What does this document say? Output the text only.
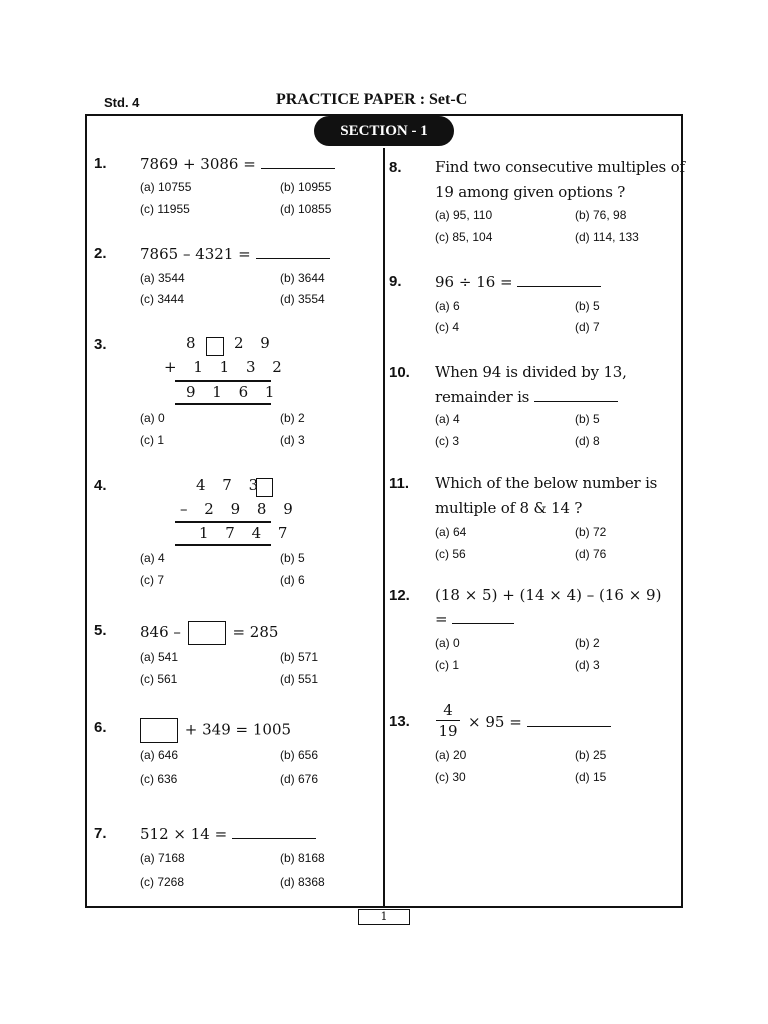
Std. 4	PRACTICE PAPER : Set-C
SECTION - 1
1. 7869 + 3086 =
(a) 10755	(b) 10955
(c) 11955	(d) 10855
2. 7865 – 4321 =
(a) 3544	(b) 3644
(c) 3444	(d) 3554
3.	8 2 9
+ 1 1 3 2
9 1 6 1
(a) 0	(b) 2
(c) 1	(d) 3
4.	4 7 3
– 2 9 8 9
1 7 4 7
(a) 4	(b) 5
(c) 7	(d) 6
5. 846 –	= 285
(a) 541	(b) 571
(c) 561	(d) 551
6.	+ 349 = 1005
(a) 646	(b) 656
(c) 636	(d) 676
7. 512 × 14 =
(a) 7168	(b) 8168
(c) 7268	(d) 8368
8. Find two consecutive multiples of 19 among given options ?
(a) 95, 110	(b) 76, 98
(c) 85, 104	(d) 114, 133
9. 96 ÷ 16 =
(a) 6	(b) 5
(c) 4	(d) 7
10. When 94 is divided by 13, remainder is
(a) 4	(b) 5
(c) 3	(d) 8
11. Which of the below number is multiple of 8 & 14 ?
(a) 64	(b) 72
(c) 56	(d) 76
12. (18 × 5) + (14 × 4) – (16 × 9)
=
(a) 0	(b) 2
(c) 1	(d) 3
13.
4
19
× 95 =
(a) 20	(b) 25
(c) 30	(d) 15
1
